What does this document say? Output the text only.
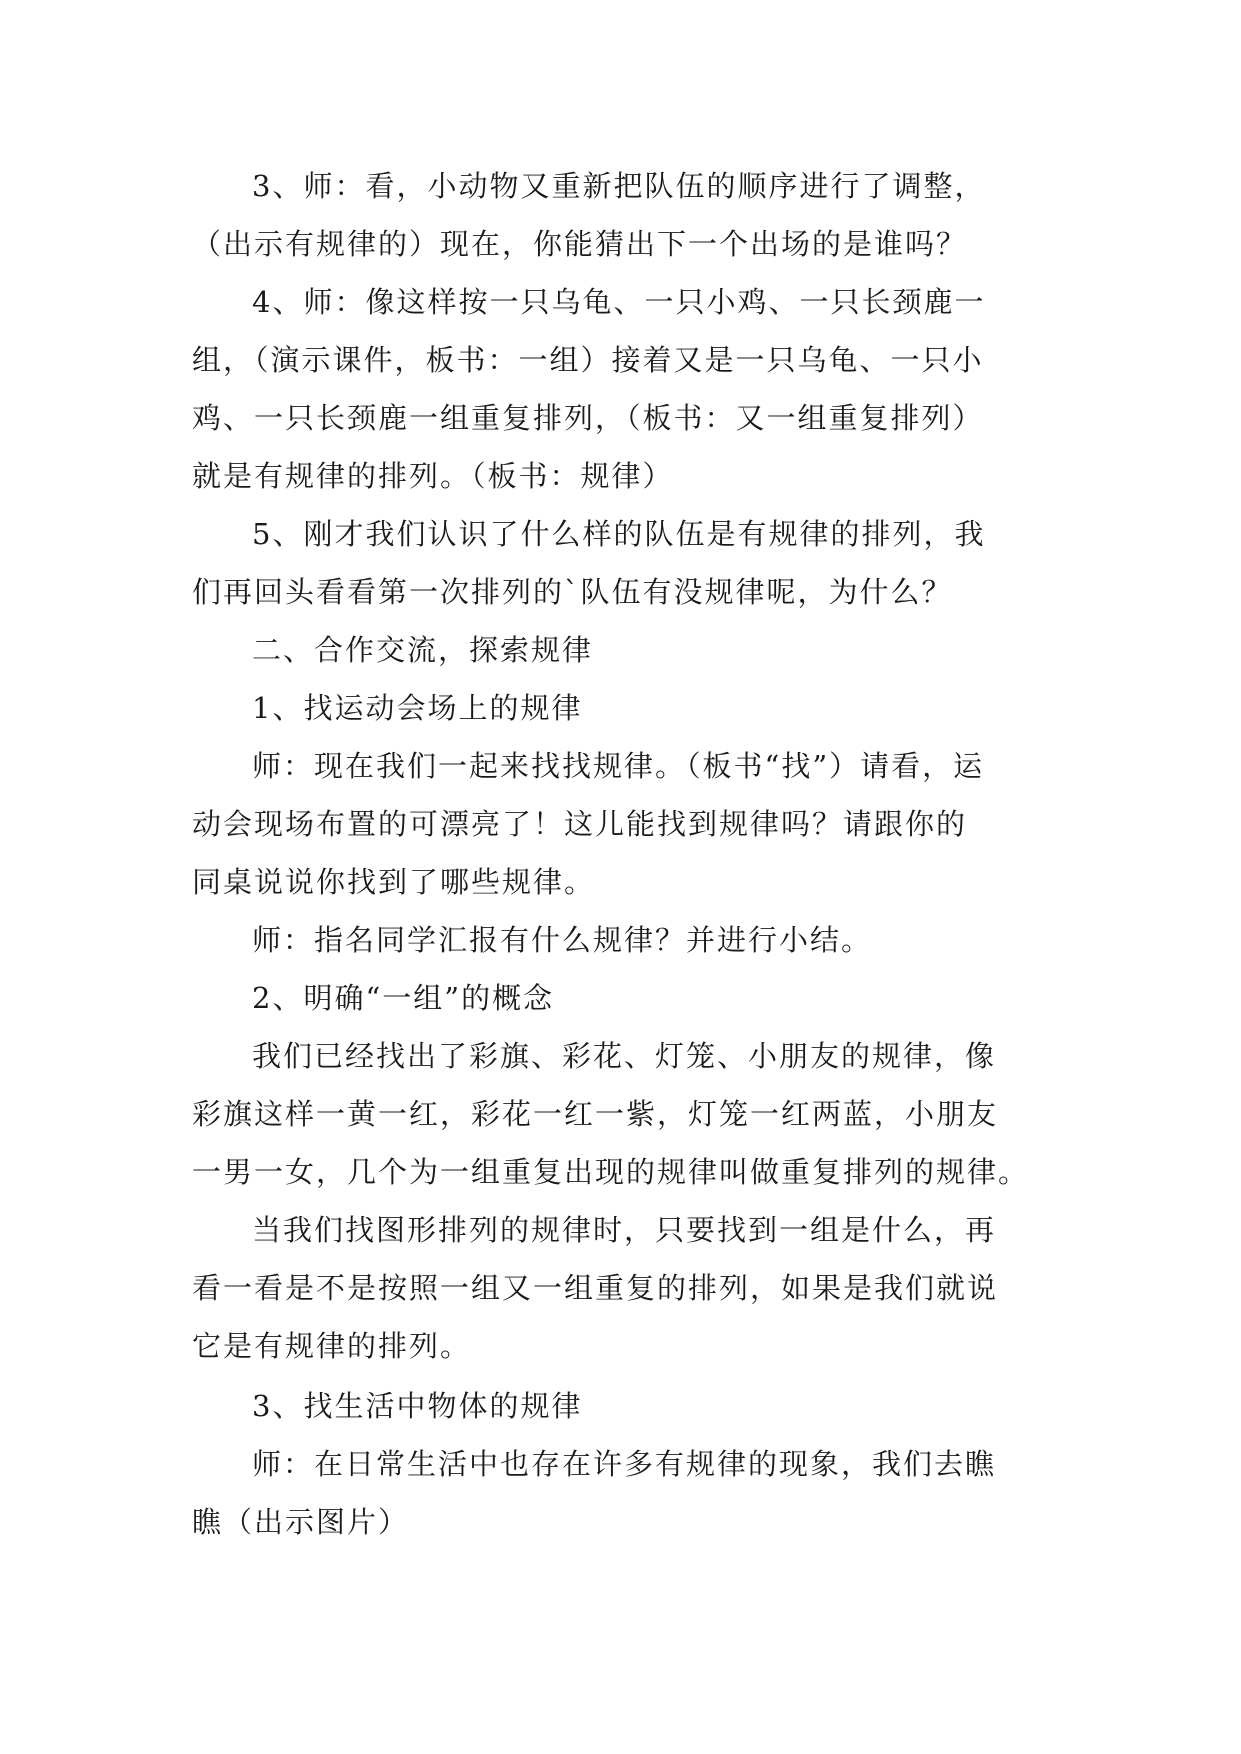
3、师：看，小动物又重新把队伍的顺序进行了调整，
（出示有规律的）现在，你能猜出下一个出场的是谁吗？
4、师：像这样按一只乌龟、一只小鸡、一只长颈鹿一
组，（演示课件，板书：一组）接着又是一只乌龟、一只小
鸡、一只长颈鹿一组重复排列，（板书：又一组重复排列）
就是有规律的排列。（板书：规律）
5、刚才我们认识了什么样的队伍是有规律的排列，我
们再回头看看第一次排列的`队伍有没规律呢，为什么？
二、合作交流，探索规律
1、找运动会场上的规律
师：现在我们一起来找找规律。（板书“找”）请看，运
动会现场布置的可漂亮了！这儿能找到规律吗？请跟你的
同桌说说你找到了哪些规律。
师：指名同学汇报有什么规律？并进行小结。
2、明确“一组”的概念
我们已经找出了彩旗、彩花、灯笼、小朋友的规律，像
彩旗这样一黄一红，彩花一红一紫，灯笼一红两蓝，小朋友
一男一女，几个为一组重复出现的规律叫做重复排列的规律。
当我们找图形排列的规律时，只要找到一组是什么，再
看一看是不是按照一组又一组重复的排列，如果是我们就说
它是有规律的排列。
3、找生活中物体的规律
师：在日常生活中也存在许多有规律的现象，我们去瞧
瞧（出示图片）
